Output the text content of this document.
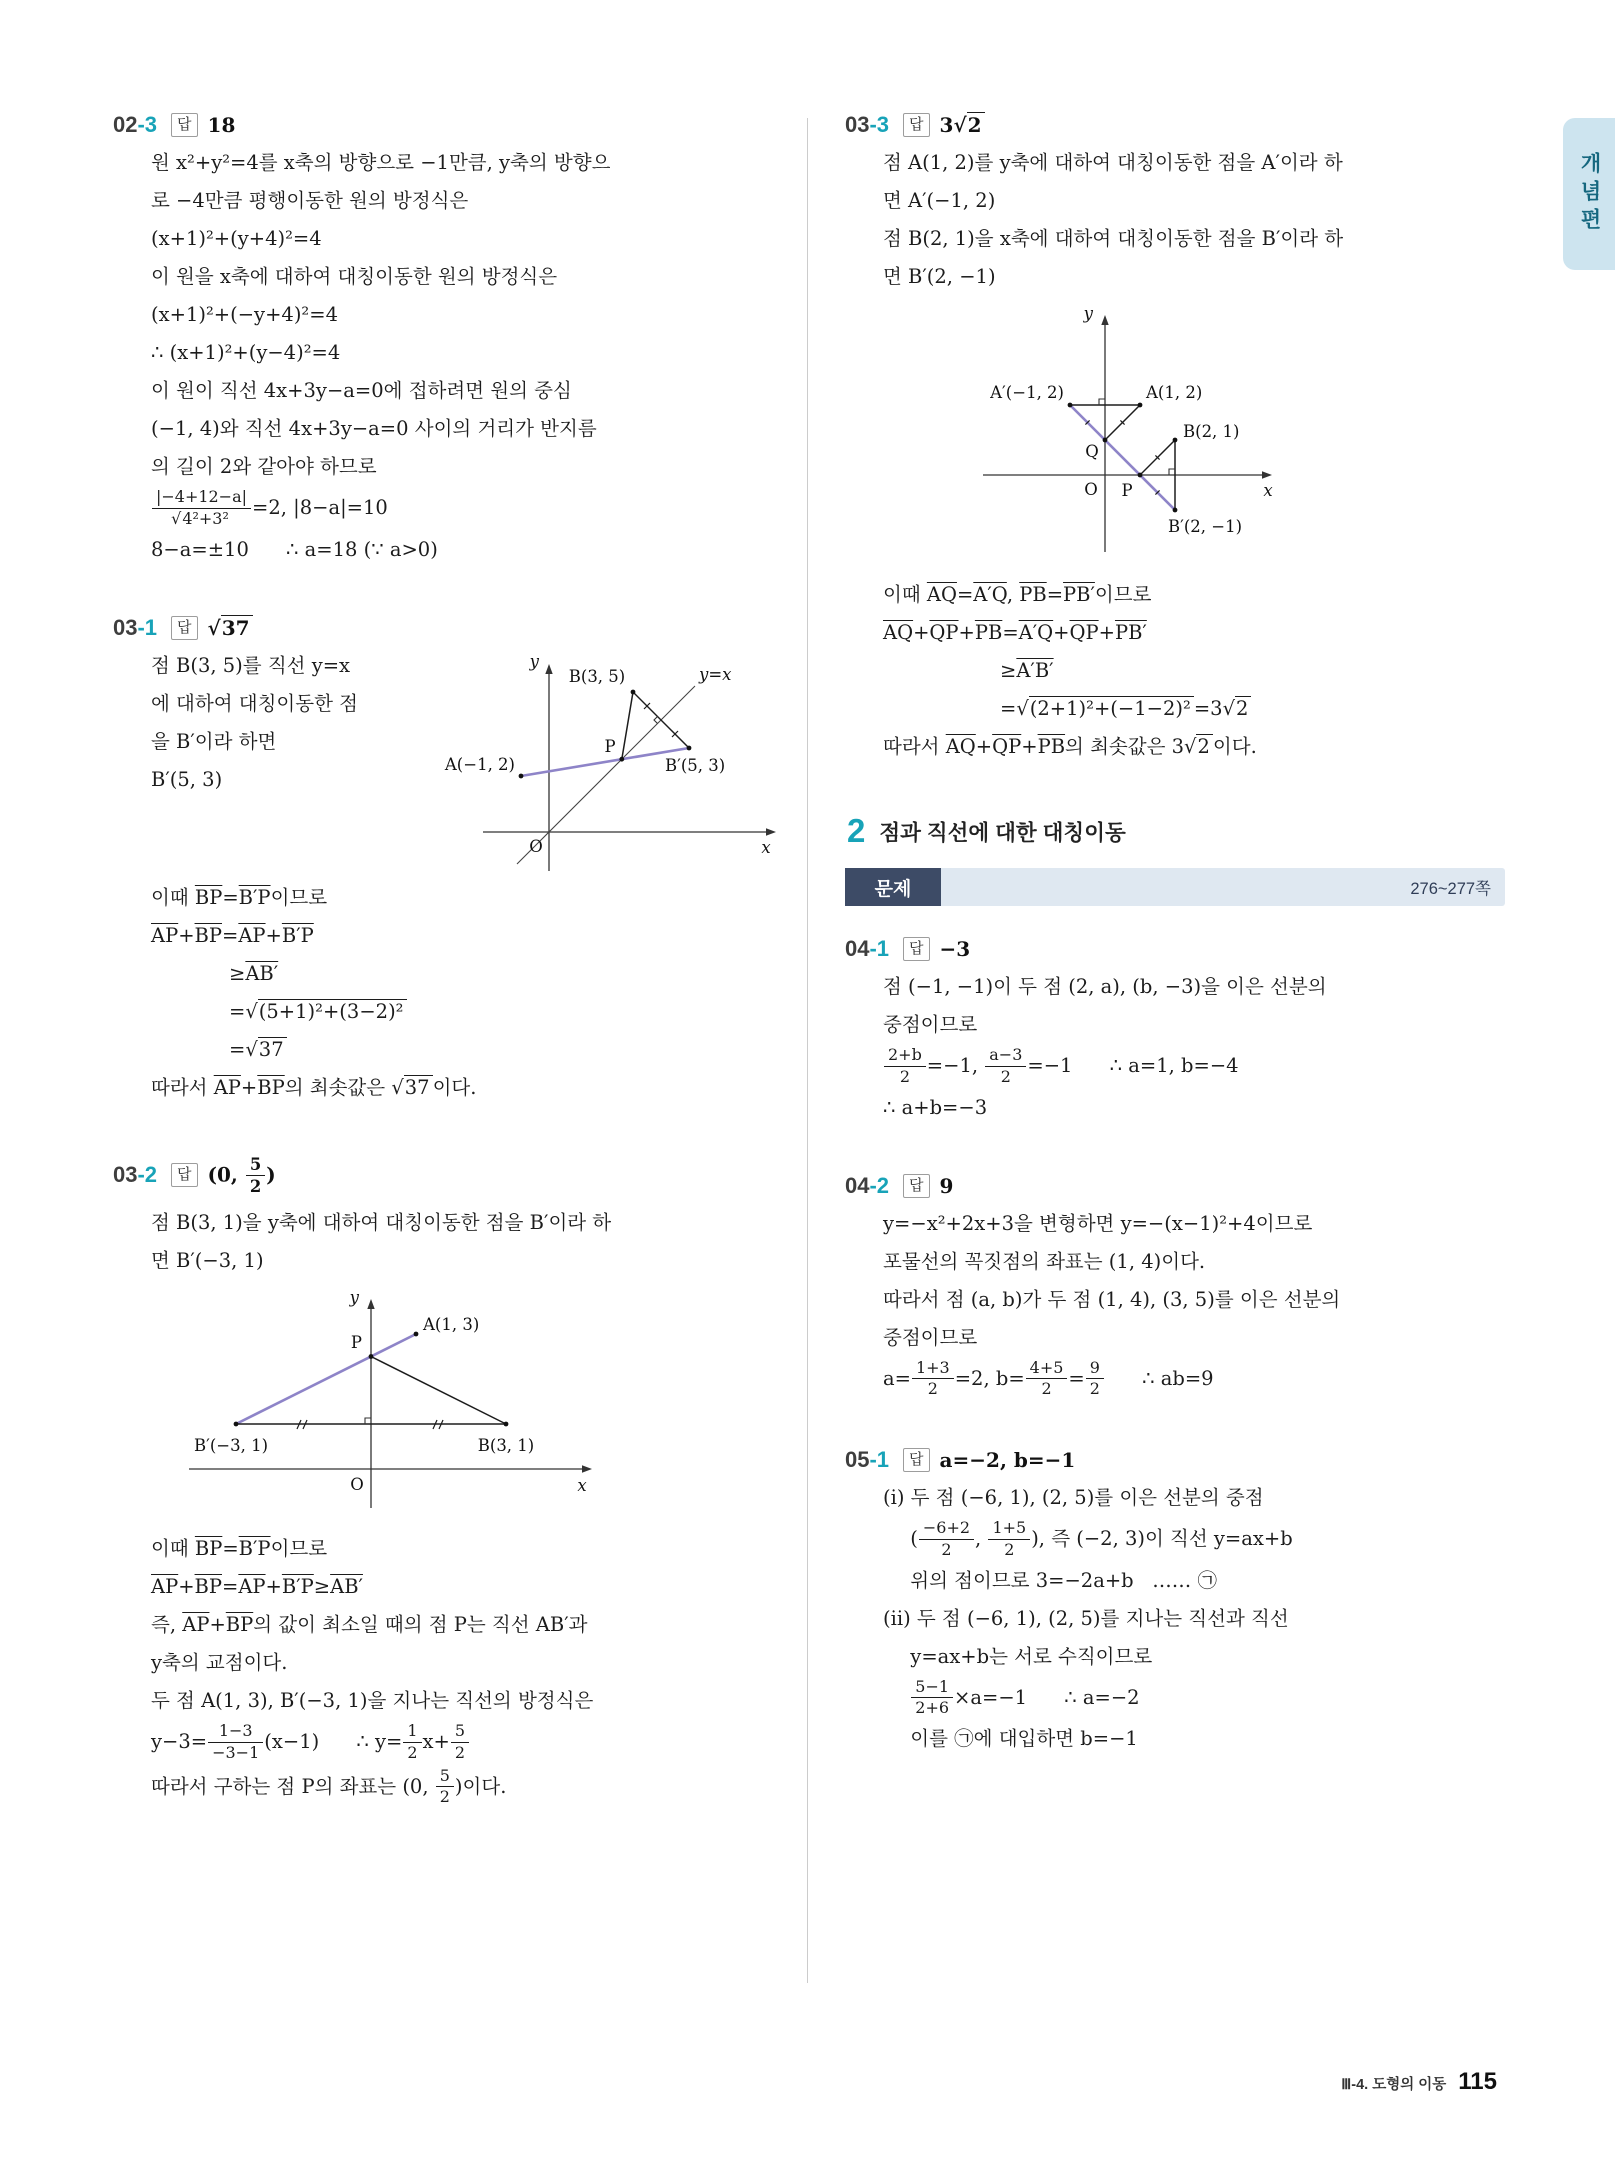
개념편
02 -3	답 18
원 x²+y²=4를 x축의 방향으로 −1만큼, y축의 방향으
로 −4만큼 평행이동한 원의 방정식은
(x+1)²+(y+4)²=4
이 원을 x축에 대하여 대칭이동한 원의 방정식은
(x+1)²+(−y+4)²=4
∴ (x+1)²+(y−4)²=4
이 원이 직선 4x+3y−a=0에 접하려면 원의 중심
(−1, 4)와 직선 4x+3y−a=0 사이의 거리가 반지름
의 길이 2와 같아야 하므로
$\frac{|-4+12-a|}{\text{√4²+3²}} =2$, |8−a|=10
8−a=±10      ∴ a=18 (∵ a>0)
03 -1	답 √37
점 B(3, 5)를 직선 y=x
에 대하여 대칭이동한 점
을 B′이라 하면
B′(5, 3)
B(3, 5)
A(−1, 2)	B′(5, 3)
P
y=x
y
x
O
이때 $\overline{BP}=B'P$이므로
$\overline{AP}+\overline{BP}=\overline{AP}+B'P$
≥AB′
=√(5+1)²+(3−2)²
=√37
따라서 $\overline{AP}+\overline{BP}$의 최솟값은 √37 이다.
03 -2	답 (0, $\frac{5}{2}$ )
점 B(3, 1)을 y축에 대하여 대칭이동한 점을 B′이라 하
면 B′(−3, 1)
A(1, 3)
P
B′(−3, 1)	B(3, 1)
O	x
y
이때 $\overline{BP}=B'P$이므로
$\overline{AP}+\overline{BP}=\overline{AP}+B'P\ge AB'$
즉, $\overline{AP}+\overline{BP}$의 값이 최소일 때의 점 P는 직선 AB′과
y축의 교점이다.
두 점 A(1, 3), B′(−3, 1)을 지나는 직선의 방정식은
$y-3= \frac{1-3}{-3-1} (x-1)$      ∴ $y= \frac{1}{2} x+ \frac{5}{2}$
따라서 구하는 점 P의 좌표는 (0, $\frac{5}{2}$ )이다.
03 -3	답 3√2
점 A(1, 2)를 y축에 대하여 대칭이동한 점을 A′이라 하
면 A′(−1, 2)
점 B(2, 1)을 x축에 대하여 대칭이동한 점을 B′이라 하
면 B′(2, −1)
A′(−1, 2)	A(1, 2)
Q
B(2, 1)
O P	x
y
B′(2, −1)
이때 $\overline{AQ}=A'Q$, $\overline{PB}=PB'$이므로
$\overline{AQ}+\overline{QP}+\overline{PB}=A'Q+\overline{QP}+PB'$
≥A′B′
=√(2+1)²+(−1−2)² =3√2
따라서 $\overline{AQ}+\overline{QP}+\overline{PB}$의 최솟값은 3√2 이다.
2 점과 직선에 대한 대칭이동
문제	276~277쪽
04 -1	답 −3
점 (−1, −1)이 두 점 (2, a), (b, −3)을 이은 선분의
중점이므로
$\frac{2+b}{2} =-1$, $\frac{a-3}{2} =-1$      ∴ a=1, b=−4
∴ a+b=−3
04 -2	답 9
y=−x²+2x+3을 변형하면 y=−(x−1)²+4이므로
포물선의 꼭짓점의 좌표는 (1, 4)이다.
따라서 점 (a, b)가 두 점 (1, 4), (3, 5)를 이은 선분의
중점이므로
$a= \frac{1+3}{2} =2$, $b= \frac{4+5}{2} = \frac{9}{2}$ ∴ ab=9
05 -1	답 a=−2, b=−1
(i) 두 점 (−6, 1), (2, 5)를 이은 선분의 중점
( $\frac{-6+2}{2}$ , $\frac{1+5}{2}$ ), 즉 (−2, 3)이 직선 y=ax+b
위의 점이므로 3=−2a+b   …… ㉠
(ii) 두 점 (−6, 1), (2, 5)를 지나는 직선과 직선
y=ax+b는 서로 수직이므로
$\frac{5-1}{2+6} \times a=-1$      ∴ a=−2
이를 ㉠에 대입하면 b=−1
Ⅲ-4. 도형의 이동 115
